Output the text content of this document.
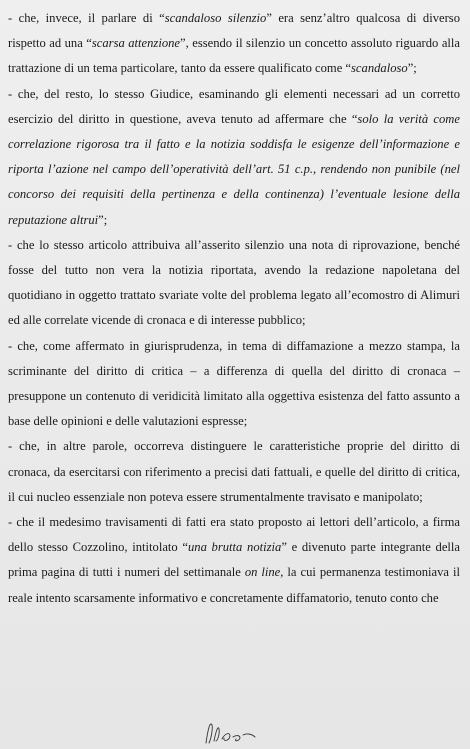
- che, invece, il parlare di “scandaloso silenzio” era senz’altro qualcosa di diverso rispetto ad una “scarsa attenzione”, essendo il silenzio un concetto assoluto riguardo alla trattazione di un tema particolare, tanto da essere qualificato come “scandaloso”;

- che, del resto, lo stesso Giudice, esaminando gli elementi necessari ad un corretto esercizio del diritto in questione, aveva tenuto ad affermare che “solo la verità come correlazione rigorosa tra il fatto e la notizia soddisfa le esigenze dell’informazione e riporta l’azione nel campo dell’operatività dell’art. 51 c.p., rendendo non punibile (nel concorso dei requisiti della pertinenza e della continenza) l’eventuale lesione della reputazione altrui”;

- che lo stesso articolo attribuiva all’asserito silenzio una nota di riprovazione, benché fosse del tutto non vera la notizia riportata, avendo la redazione napoletana del quotidiano in oggetto trattato svariate volte del problema legato all’ecomostro di Alimuri ed alle correlate vicende di cronaca e di interesse pubblico;

- che, come affermato in giurisprudenza, in tema di diffamazione a mezzo stampa, la scriminante del diritto di critica – a differenza di quella del diritto di cronaca – presuppone un contenuto di veridicità limitato alla oggettiva esistenza del fatto assunto a base delle opinioni e delle valutazioni espresse;

- che, in altre parole, occorreva distinguere le caratteristiche proprie del diritto di cronaca, da esercitarsi con riferimento a precisi dati fattuali, e quelle del diritto di critica, il cui nucleo essenziale non poteva essere strumentalmente travisato e manipolato;

- che il medesimo travisamenti di fatti era stato proposto ai lettori dell’articolo, a firma dello stesso Cozzolino, intitolato “una brutta notizia” e divenuto parte integrante della prima pagina di tutti i numeri del settimanale on line, la cui permanenza testimoniava il reale intento scarsamente informativo e concretamente diffamatorio, tenuto conto che
